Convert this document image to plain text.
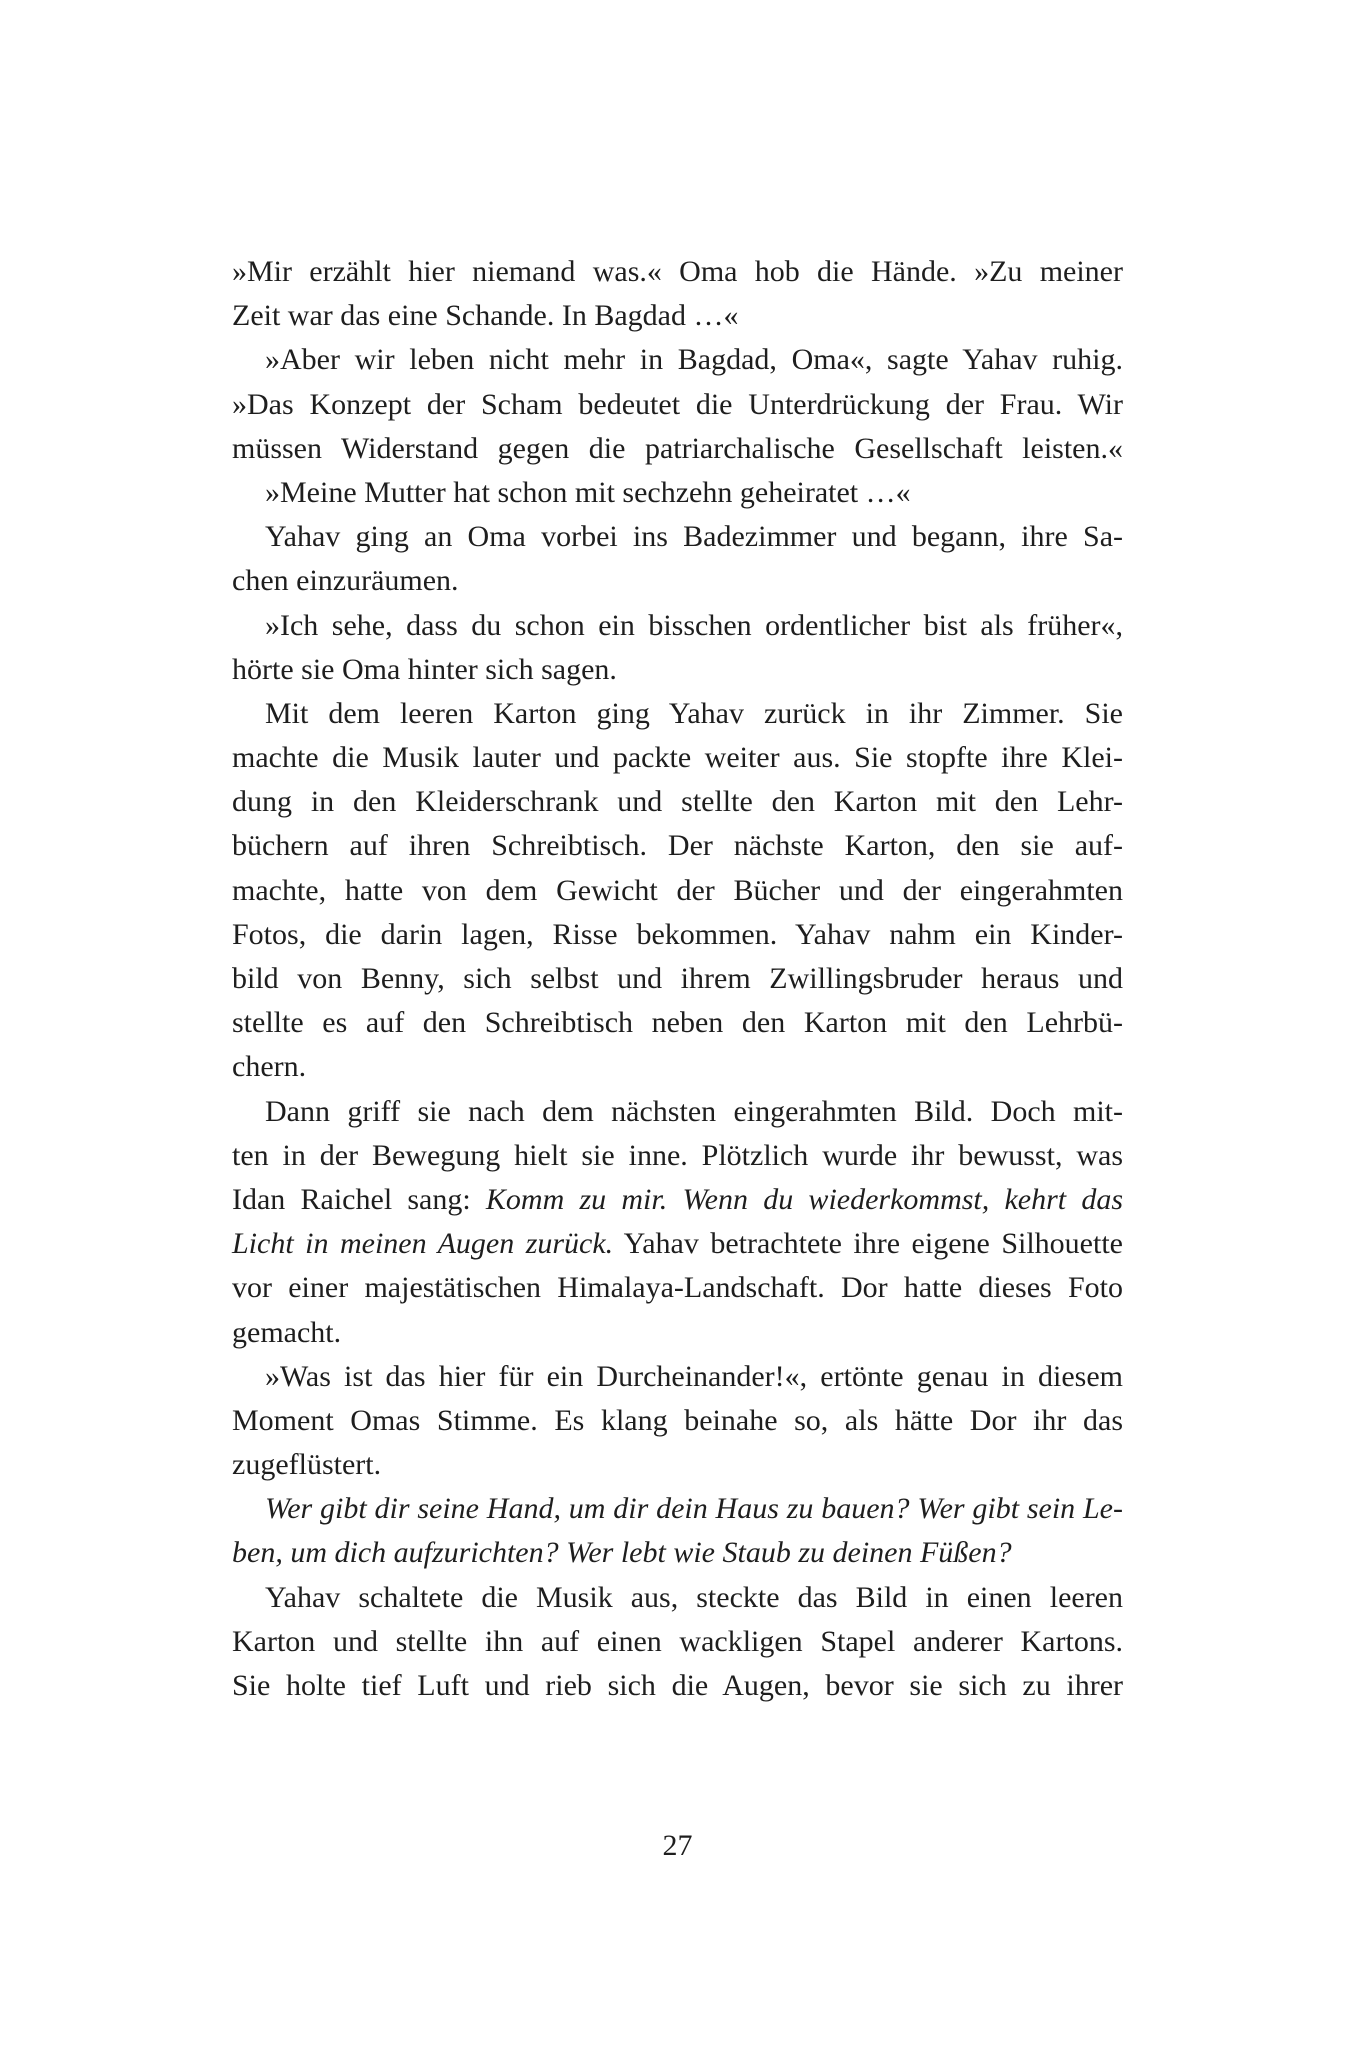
»Mir erzählt hier niemand was.« Oma hob die Hände. »Zu meiner
Zeit war das eine Schande. In Bagdad …«
»Aber wir leben nicht mehr in Bagdad, Oma«, sagte Yahav ruhig.
»Das Konzept der Scham bedeutet die Unterdrückung der Frau. Wir
müssen Widerstand gegen die patriarchalische Gesellschaft leisten.«
»Meine Mutter hat schon mit sechzehn geheiratet …«
Yahav ging an Oma vorbei ins Badezimmer und begann, ihre Sa-
chen einzuräumen.
»Ich sehe, dass du schon ein bisschen ordentlicher bist als früher«,
hörte sie Oma hinter sich sagen.
Mit dem leeren Karton ging Yahav zurück in ihr Zimmer. Sie
machte die Musik lauter und packte weiter aus. Sie stopfte ihre Klei-
dung in den Kleiderschrank und stellte den Karton mit den Lehr-
büchern auf ihren Schreibtisch. Der nächste Karton, den sie auf-
machte, hatte von dem Gewicht der Bücher und der eingerahmten
Fotos, die darin lagen, Risse bekommen. Yahav nahm ein Kinder-
bild von Benny, sich selbst und ihrem Zwillingsbruder heraus und
stellte es auf den Schreibtisch neben den Karton mit den Lehrbü-
chern.
Dann griff sie nach dem nächsten eingerahmten Bild. Doch mit-
ten in der Bewegung hielt sie inne. Plötzlich wurde ihr bewusst, was
Idan Raichel sang: Komm zu mir. Wenn du wiederkommst, kehrt das
Licht in meinen Augen zurück. Yahav betrachtete ihre eigene Silhouette
vor einer majestätischen Himalaya-Landschaft. Dor hatte dieses Foto
gemacht.
»Was ist das hier für ein Durcheinander!«, ertönte genau in diesem
Moment Omas Stimme. Es klang beinahe so, als hätte Dor ihr das
zugeflüstert.
Wer gibt dir seine Hand, um dir dein Haus zu bauen? Wer gibt sein Le-
ben, um dich aufzurichten? Wer lebt wie Staub zu deinen Füßen?
Yahav schaltete die Musik aus, steckte das Bild in einen leeren
Karton und stellte ihn auf einen wackligen Stapel anderer Kartons.
Sie holte tief Luft und rieb sich die Augen, bevor sie sich zu ihrer
27
